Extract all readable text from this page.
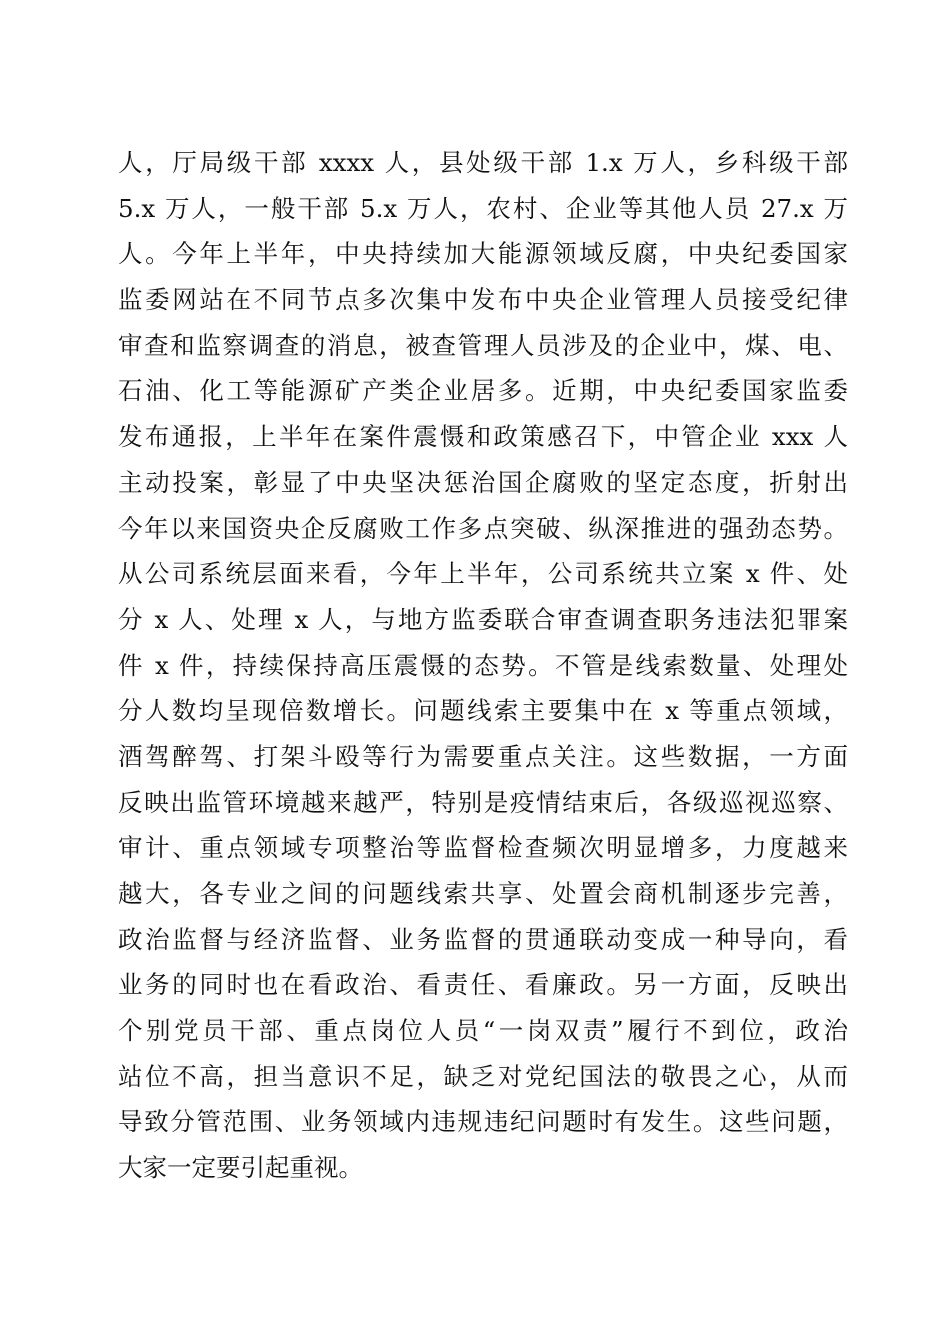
人，厅局级干部 xxxx 人，县处级干部 1.x 万人，乡科级干部
5.x 万人，一般干部 5.x 万人，农村、企业等其他人员 27.x 万
人。今年上半年，中央持续加大能源领域反腐，中央纪委国家
监委网站在不同节点多次集中发布中央企业管理人员接受纪律
审查和监察调查的消息，被查管理人员涉及的企业中，煤、电、
石油、化工等能源矿产类企业居多。近期，中央纪委国家监委
发布通报，上半年在案件震慑和政策感召下，中管企业 xxx 人
主动投案，彰显了中央坚决惩治国企腐败的坚定态度，折射出
今年以来国资央企反腐败工作多点突破、纵深推进的强劲态势。
从公司系统层面来看，今年上半年，公司系统共立案 x 件、处
分 x 人、处理 x 人，与地方监委联合审查调查职务违法犯罪案
件 x 件，持续保持高压震慑的态势。不管是线索数量、处理处
分人数均呈现倍数增长。问题线索主要集中在 x 等重点领域，
酒驾醉驾、打架斗殴等行为需要重点关注。这些数据，一方面
反映出监管环境越来越严，特别是疫情结束后，各级巡视巡察、
审计、重点领域专项整治等监督检查频次明显增多，力度越来
越大，各专业之间的问题线索共享、处置会商机制逐步完善，
政治监督与经济监督、业务监督的贯通联动变成一种导向，看
业务的同时也在看政治、看责任、看廉政。另一方面，反映出
个别党员干部、重点岗位人员“一岗双责”履行不到位，政治
站位不高，担当意识不足，缺乏对党纪国法的敬畏之心，从而
导致分管范围、业务领域内违规违纪问题时有发生。这些问题，
大家一定要引起重视。
